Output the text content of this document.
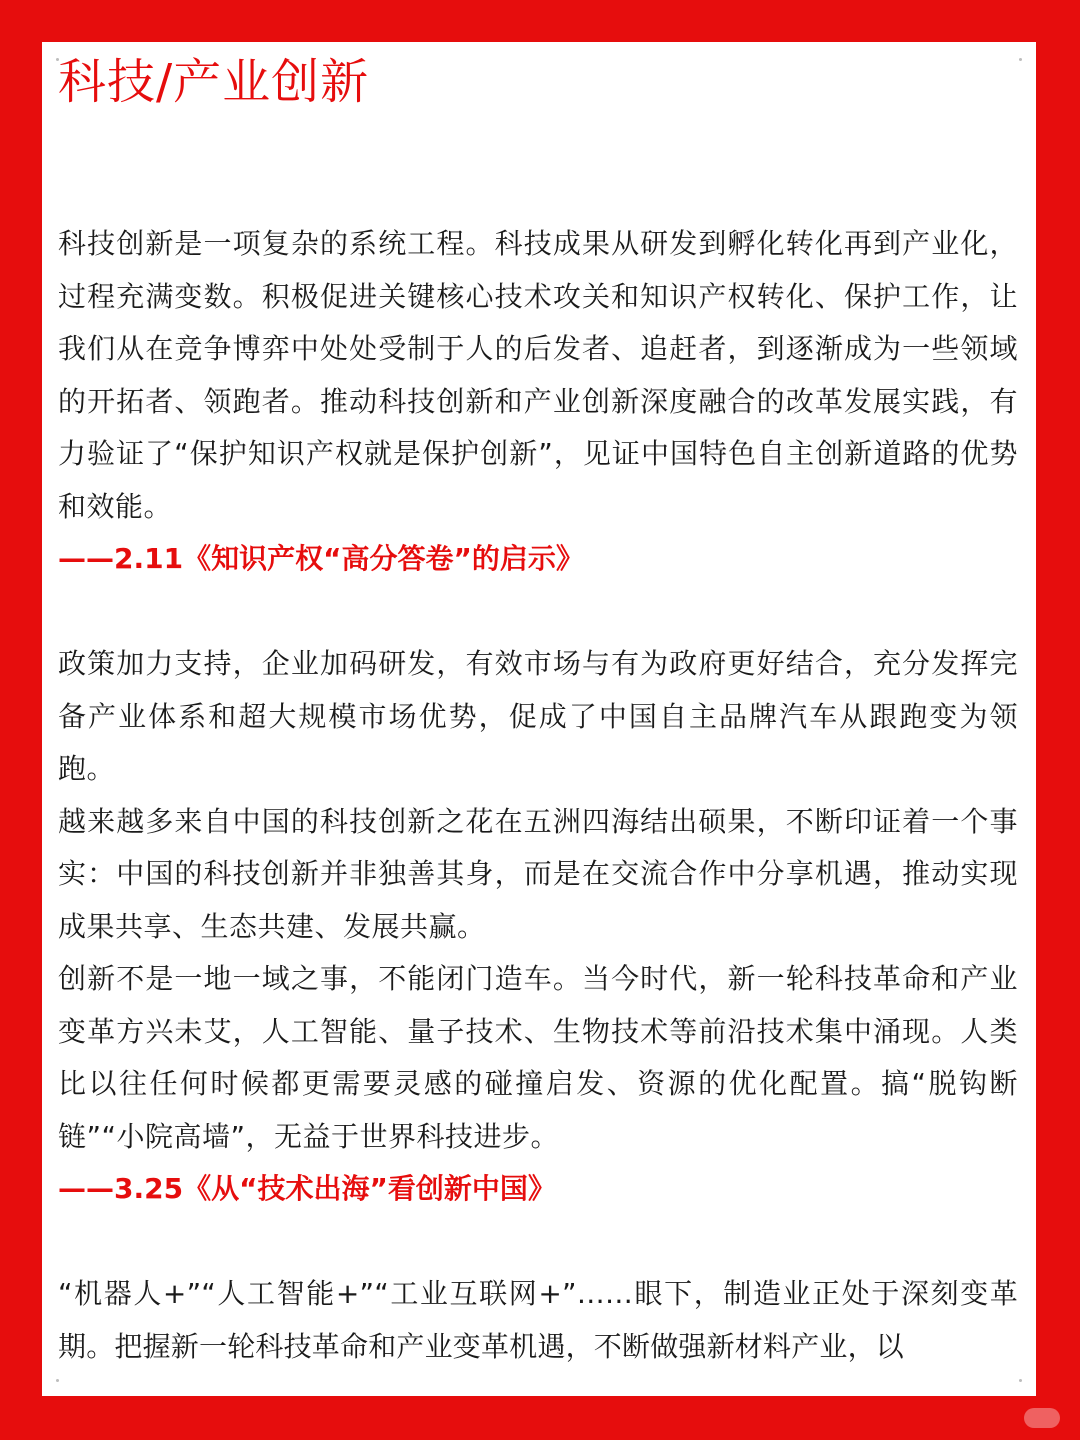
科技/产业创新

科技创新是一项复杂的系统工程。科技成果从研发到孵化转化再到产业化，过程充满变数。积极促进关键核心技术攻关和知识产权转化、保护工作，让我们从在竞争博弈中处处受制于人的后发者、追赶者，到逐渐成为一些领域的开拓者、领跑者。推动科技创新和产业创新深度融合的改革发展实践，有力验证了“保护知识产权就是保护创新”，见证中国特色自主创新道路的优势和效能。

——2.11《知识产权“高分答卷”的启示》

政策加力支持，企业加码研发，有效市场与有为政府更好结合，充分发挥完备产业体系和超大规模市场优势，促成了中国自主品牌汽车从跟跑变为领跑。

越来越多来自中国的科技创新之花在五洲四海结出硕果，不断印证着一个事实：中国的科技创新并非独善其身，而是在交流合作中分享机遇，推动实现成果共享、生态共建、发展共赢。

创新不是一地一域之事，不能闭门造车。当今时代，新一轮科技革命和产业变革方兴未艾，人工智能、量子技术、生物技术等前沿技术集中涌现。人类比以往任何时候都更需要灵感的碰撞启发、资源的优化配置。搞“脱钩断链”“小院高墙”，无益于世界科技进步。

——3.25《从“技术出海”看创新中国》

“机器人+”“人工智能+”“工业互联网+”……眼下，制造业正处于深刻变革期。把握新一轮科技革命和产业变革机遇，不断做强新材料产业，以
